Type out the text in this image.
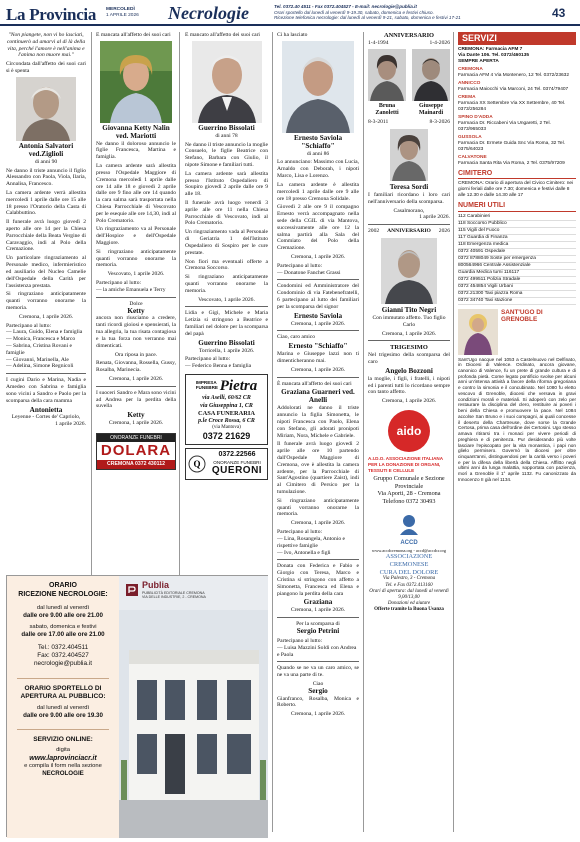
La Provincia MERCOLEDÌ
1 APRILE 2026 Necrologie	Tel. 0372.40 4511 - Fax 0372.404527 - E-mail: necrologie@publia.it
Orari sportello dal lunedì al venerdì 9-19.30, sabato, domenica e festivi chiuso.
Ricezione telefonica necrologie: dal lunedì al venerdì 9-21, sabato, domenica e festivi 17-21	43
"Non piangete, non vi ho lasciati, continuerò ad amarvi al di là della vita, perché l'amore è nell'anima e l'anima non muore mai."
Circondata dall'affetto dei suoi cari si è spenta
Antonia Salvatori ved.Ziglioli
di anni 90
Ne danno il triste annuncio il figlio Alessandro con Paola, Viola, Ilaria, Annalisa, Francesco.
La camera ardente verrà allestita mercoledì 1 aprile dalle ore 15 alle 18 presso l'Oratorio della Casta di Calabbuttino.
Il funerale avrà luogo giovedì 2 aperto alle ore 14 per la Chiesa Parrocchiale della Beata Vergine di Caravaggio, indi al Polo della Cremazione.
Un particolare ringraziamento al Personale medico, infermieristico ed ausiliario del Nucleo Camelie dell'Ospedale della Carità per l'assistenza prestata.
Si ringraziano anticipatamente quanti vorranno onorarne la memoria.
Cremona, 1 aprile 2026.
Partecipano al lutto:
— Laura, Guido, Elena e famiglia
— Monica, Francesca e Marco
— Sabrina, Cristina Rovani e famiglie
— Giovanni, Marinella, Ale
— Adelina, Simone Regnicoli
I cugini Dario e Marina, Nadia e Amedeo con Sabrina e famiglia sono vicini a Sandro e Paolo per la scomparsa della cara mamma
Antonietta
Leyenne - Cortes de' Capriolo,
1 aprile 2026.
È mancata all'affetto dei suoi cari
Giovanna Ketty Nalin ved. Mariotti
Ne danno il doloroso annuncio le figlie Francesca, Martina e famiglia.
La camera ardente sarà allestita presso l'Ospedale Maggiore di Cremona mercoledì 1 aprile dalle ore 14 alle 18 e giovedì 2 aprile dalle ore 9 fino alle ore 14 quando la cara salma sarà trasportata nella Chiesa Parrocchiale di Vescovato per le esequie alle ore 14,30, indi al Polo Crematorio.
Un ringraziamento va al Personale dell'Hospice e dell'Ospedale Maggiore.
Si ringraziano anticipatamente quanti vorranno onorarne la memoria.
Vescovato, 1 aprile 2026.
Partecipano al lutto:
— la amiche Emanuela e Terry
Dolce
Ketty
ancora non riusciamo a credere, tanti ricordi gioiosi e spensierati, la tua allegria, la tua risata contagiosa e la tua forza non verranno mai dimenticati.
Ora riposa in pace.
Renata, Giovanna, Rossella, Gussy, Rosalba, Marinecia.
Cremona, 1 aprile 2026.
I suoceri Sandro e Mara sono vicini ad Andrea per la perdita della suvella
Ketty
Cremona, 1 aprile 2026.
ONORANZE FUNEBRI
DOLARA
CREMONA 0372 430112
È mancato all'affetto dei suoi cari
Guerrino Bissolati
di anni 78
Ne danno il triste annuncio la moglie Consuelo, le figlie Beatrice con Stefano, Barbara con Giulio, il nipote Simone e familiari tutti.
La camera ardente sarà allestita presso l'Istituto Ospedaliero di Soupiro giovedì 2 aprile dalle ore 9 alle 18.
Il funerale avrà luogo venerdì 3 aprile alle ore 11 nella Chiesa Parrocchiale di Vescovato, indi al Polo Crematorio.
Un ringraziamento vada al Personale di Geriatria 1 dell'Istituto Ospedaliero di Sospiro per le cure prestate.
Non fiori ma eventuali offerte a Cremona Soccorso.
Si ringraziano anticipatamente quanti vorranno onorarne la memoria.
Vescovato, 1 aprile 2026.
Lidia e Gigi, Michele e Maria Letizia si stringono a Beatrice e familiari nel dolore per la scomparsa del papà
Guerrino Bissolati
Torricella, 1 aprile 2026.
Partecipano al lutto:
— Federico Benna e famiglia
IMPRESA FUNEBRE Pietra
via Aselli, 60/62 CR
via Giuseppina 1, CR
CASA FUNERARIA
p.le Croce Rossa, 6 CR
(via Mantova)
0372 21629
Q
0372.22566
ONORANZE FUNEBRI
QUERONI
ORARIO
RICEZIONE NECROLOGIE:
dal lunedì al venerdì
dalle ore 9.00 alle ore 21.00
sabato, domenica e festivi
dalle ore 17.00 alle ore 21.00
Tel.: 0372.404511
Fax: 0372.404527
necrologie@publia.it
ORARIO SPORTELLO DI APERTURA AL PUBBLICO:
dal lunedì al venerdì
dalle ore 9.00 alle ore 19.30
SERVIZIO ONLINE:
digita
www.laprovinciacr.it
e compila il form nella sezione
NECROLOGIE
Publia
PUBBLICITÀ EDITORIALE CREMONA
VIA DELLE INDUSTRIE, 2 - CREMONA
Ci ha lasciato
Ernesto Saviola "Schiaffo"
di anni 86
Lo annunciano: Massimo con Lucia, Arnaldo con Deborah, i nipoti Marco, Lisa e Lorenzo.
La camera ardente è allestita mercoledì 1 aprile dalle ore 9 alle ore 18 presso Cremona Solidale.
Giovedì 2 alle ore 9 il compagno Ernesto verrà accompagnato nella sede della CGIL di via Mantova, successivamente alle ore 12 la salma partirà alla Sala del Commiato del Polo della Cremazione.
Cremona, 1 aprile 2026.
Partecipano al lutto:
— Donatone Fanchet Grassi
Condomini ed Amministratore del Condominio di via Fatebenefratelli, 6 partecipano al lutto dei familiari per la scomparsa del signor
Ernesto Saviola
Cremona, 1 aprile 2026.
Ciao, caro amico
Ernesto "Schiaffo"
Marina e Giuseppe lazzi non ti dimenticheranno mai.
Cremona, 1 aprile 2026.
È mancata all'affetto dei suoi cari
Graziana Guarneri ved. Anelli
Addolorati ne danno il triste annuncio la figlia Simonetta, le nipoti Francesca con Paolo, Elena con Stefano, gli adorati pronipoti Miriam, Nora, Michele e Gabriele.
Il funerale avrà luogo giovedì 2 aprile alle ore 10 partendo dall'Ospedale Maggiore di Cremona, ove è allestita la camera ardente, per la Parrocchiale di Sant'Agostino (quartiere Zaist), indi al Cimitero di Persico per la tumulazione.
Si ringraziano anticipatamente quanti vorranno onorarne la memoria.
Cremona, 1 aprile 2026.
Partecipano al lutto:
— Lina, Rosangela, Antonio e rispettive famiglie
— Ivo, Antonella e figli
Donata con Federica e Fabio e Giorgio con Teresa, Marco e Cristina si stringono con affetto a Simonetta, Francesca ed Elena e piangono la perdita della cara
Graziana
Cremona, 1 aprile 2026.
Per la scomparsa di
Sergio Petrini
Partecipano al lutto:
— Luisa Mazzini Soldi con Andrea e Paola
Quando se ne va un caro amico, se ne va una parte di te.
Ciao
Sergio
Gianfranco, Rosalba, Monica e Roberto.
Cremona, 1 aprile 2026.
ANNIVERSARIO
1-4-1994	1-4-2026
Bruna Zanoletti
Giuseppe Mainardi
8-3-2011	8-3-2026
Teresa Sordi
I familiari ricordano i loro cari nell'anniversario della scomparsa.
Casalmorano,
1 aprile 2026.
2002 ANNIVERSARIO 2026
Gianni Tito Negri
Con immutato affetto. Tuo figlio Carlo
Cremona, 1 aprile 2026.
TRIGESIMO
Nel trigesimo della scomparsa del caro
Angelo Bozzoni
la moglie, i figli, i fratelli, i nipoti ed i parenti tutti lo ricordano sempre con tanto affetto.
Cremona, 1 aprile 2026.
aido
A.I.D.O. ASSOCIAZIONE ITALIANA PER LA DONAZIONE DI ORGANI, TESSUTI E CELLULE
Gruppo Comunale e Sezione Provinciale
Via Aporti, 28 - Cremona
Telefono 0372 30493
ACCD
www.accdcremona.org - accd@accdcr.org
ASSOCIAZIONE CREMONESE
CURA DEL DOLORE
Via Palestro, 3 - Cremona
Tel. e Fax 0372.413160
Orari di apertura: dal lunedì al venerdì 9,00/13,00
Donazioni ed aiutare
Offerte tramite la Buona Usanza
SERVIZI
CREMONA: Farmacia AFM 7
Via Dante 106. Tel. 0372/460135
SEMPRE APERTA
CREMONA
Farmacia AFM 4 Via Montenero, 12 Tel. 0372/23632
ANNICCO
Farmacia Maiocchi Via Marconi, 24 Tel. 0374/79407
CREMA
Farmacia XX Settembre Via XX Settembre, 40 Tel. 0373/256284
SPINO D'ADDA
Farmacia Dr. Riccabeni Via Ungaretti, 2 Tel. 0373/965033
GUSSOLA
Farmacia Dr. Ermete Guida Snc Via Roma, 32 Tel. 0375/64023
CALVATONE
Farmacia Santa Rita Via Roma, 2 Tel. 0375/97209
CIMITERO
CREMONA: Orario di apertura del Civico Cimitero: nei giorni feriali dalle ore 7.30; domenica e festivi dalle 8 alle 12.30 e dalle 14.30 alle 17
NUMERI UTILI
112 Carabinieri
118 Soccorso Pubblico
115 Vigili del Fuoco
117 Guardia di Finanza
118 Emergenza medica
0372 40591 Ospedale
0372 8788049 Soste per emergenza
800564966 Centrale Assistenziale
Guardia Medica turni 116117
0372 499511 Polizia Stradale
0372 454854 Vigili Urbani
0372.21300 Taxi piazza Roma
0372 34740 Taxi stazione
SANT'UGO DI GRENOBLE
Sant'Ugo nacque nel 1053 a Castelnuovo nel Delfinato, in Diocesi di Valence. Ordinato, ancora giovane, canonico di Valence, fu un prete di grande cultura e di profonda pietà. Come legato pontificio svolse per alcuni anni un'intensa attività a favore della riforma gregoriana e contro la simonia e il concubinato. Nel 1080 fu eletto vescovo di Grenoble, diocesi che versava in gravi condizioni morali e materiali. Si adoperò con zelo per restaurare la disciplina del clero, restituire ai poveri i beni della Chiesa e promuovere la pace. Nel 1084 accolse San Bruno e i suoi compagni, ai quali concesse il deserto della Chartreuse, dove sorse la Grande Certosa, prima casa dell'ordine dei Certosini. Ugo stesso amava ritirarsi tra i monaci per vivere periodi di preghiera e di penitenza. Pur desiderando più volte lasciare l'episcopato per la vita monastica, i papi non glielo permisero. Governò la diocesi per oltre cinquant'anni, distinguendosi per la carità verso i poveri e per la difesa della libertà della Chiesa. Afflitto negli ultimi anni da lunga malattia, sopportata con pazienza, morì a Grenoble il 1° aprile 1132. Fu canonizzato da Innocenzo II già nel 1134.
